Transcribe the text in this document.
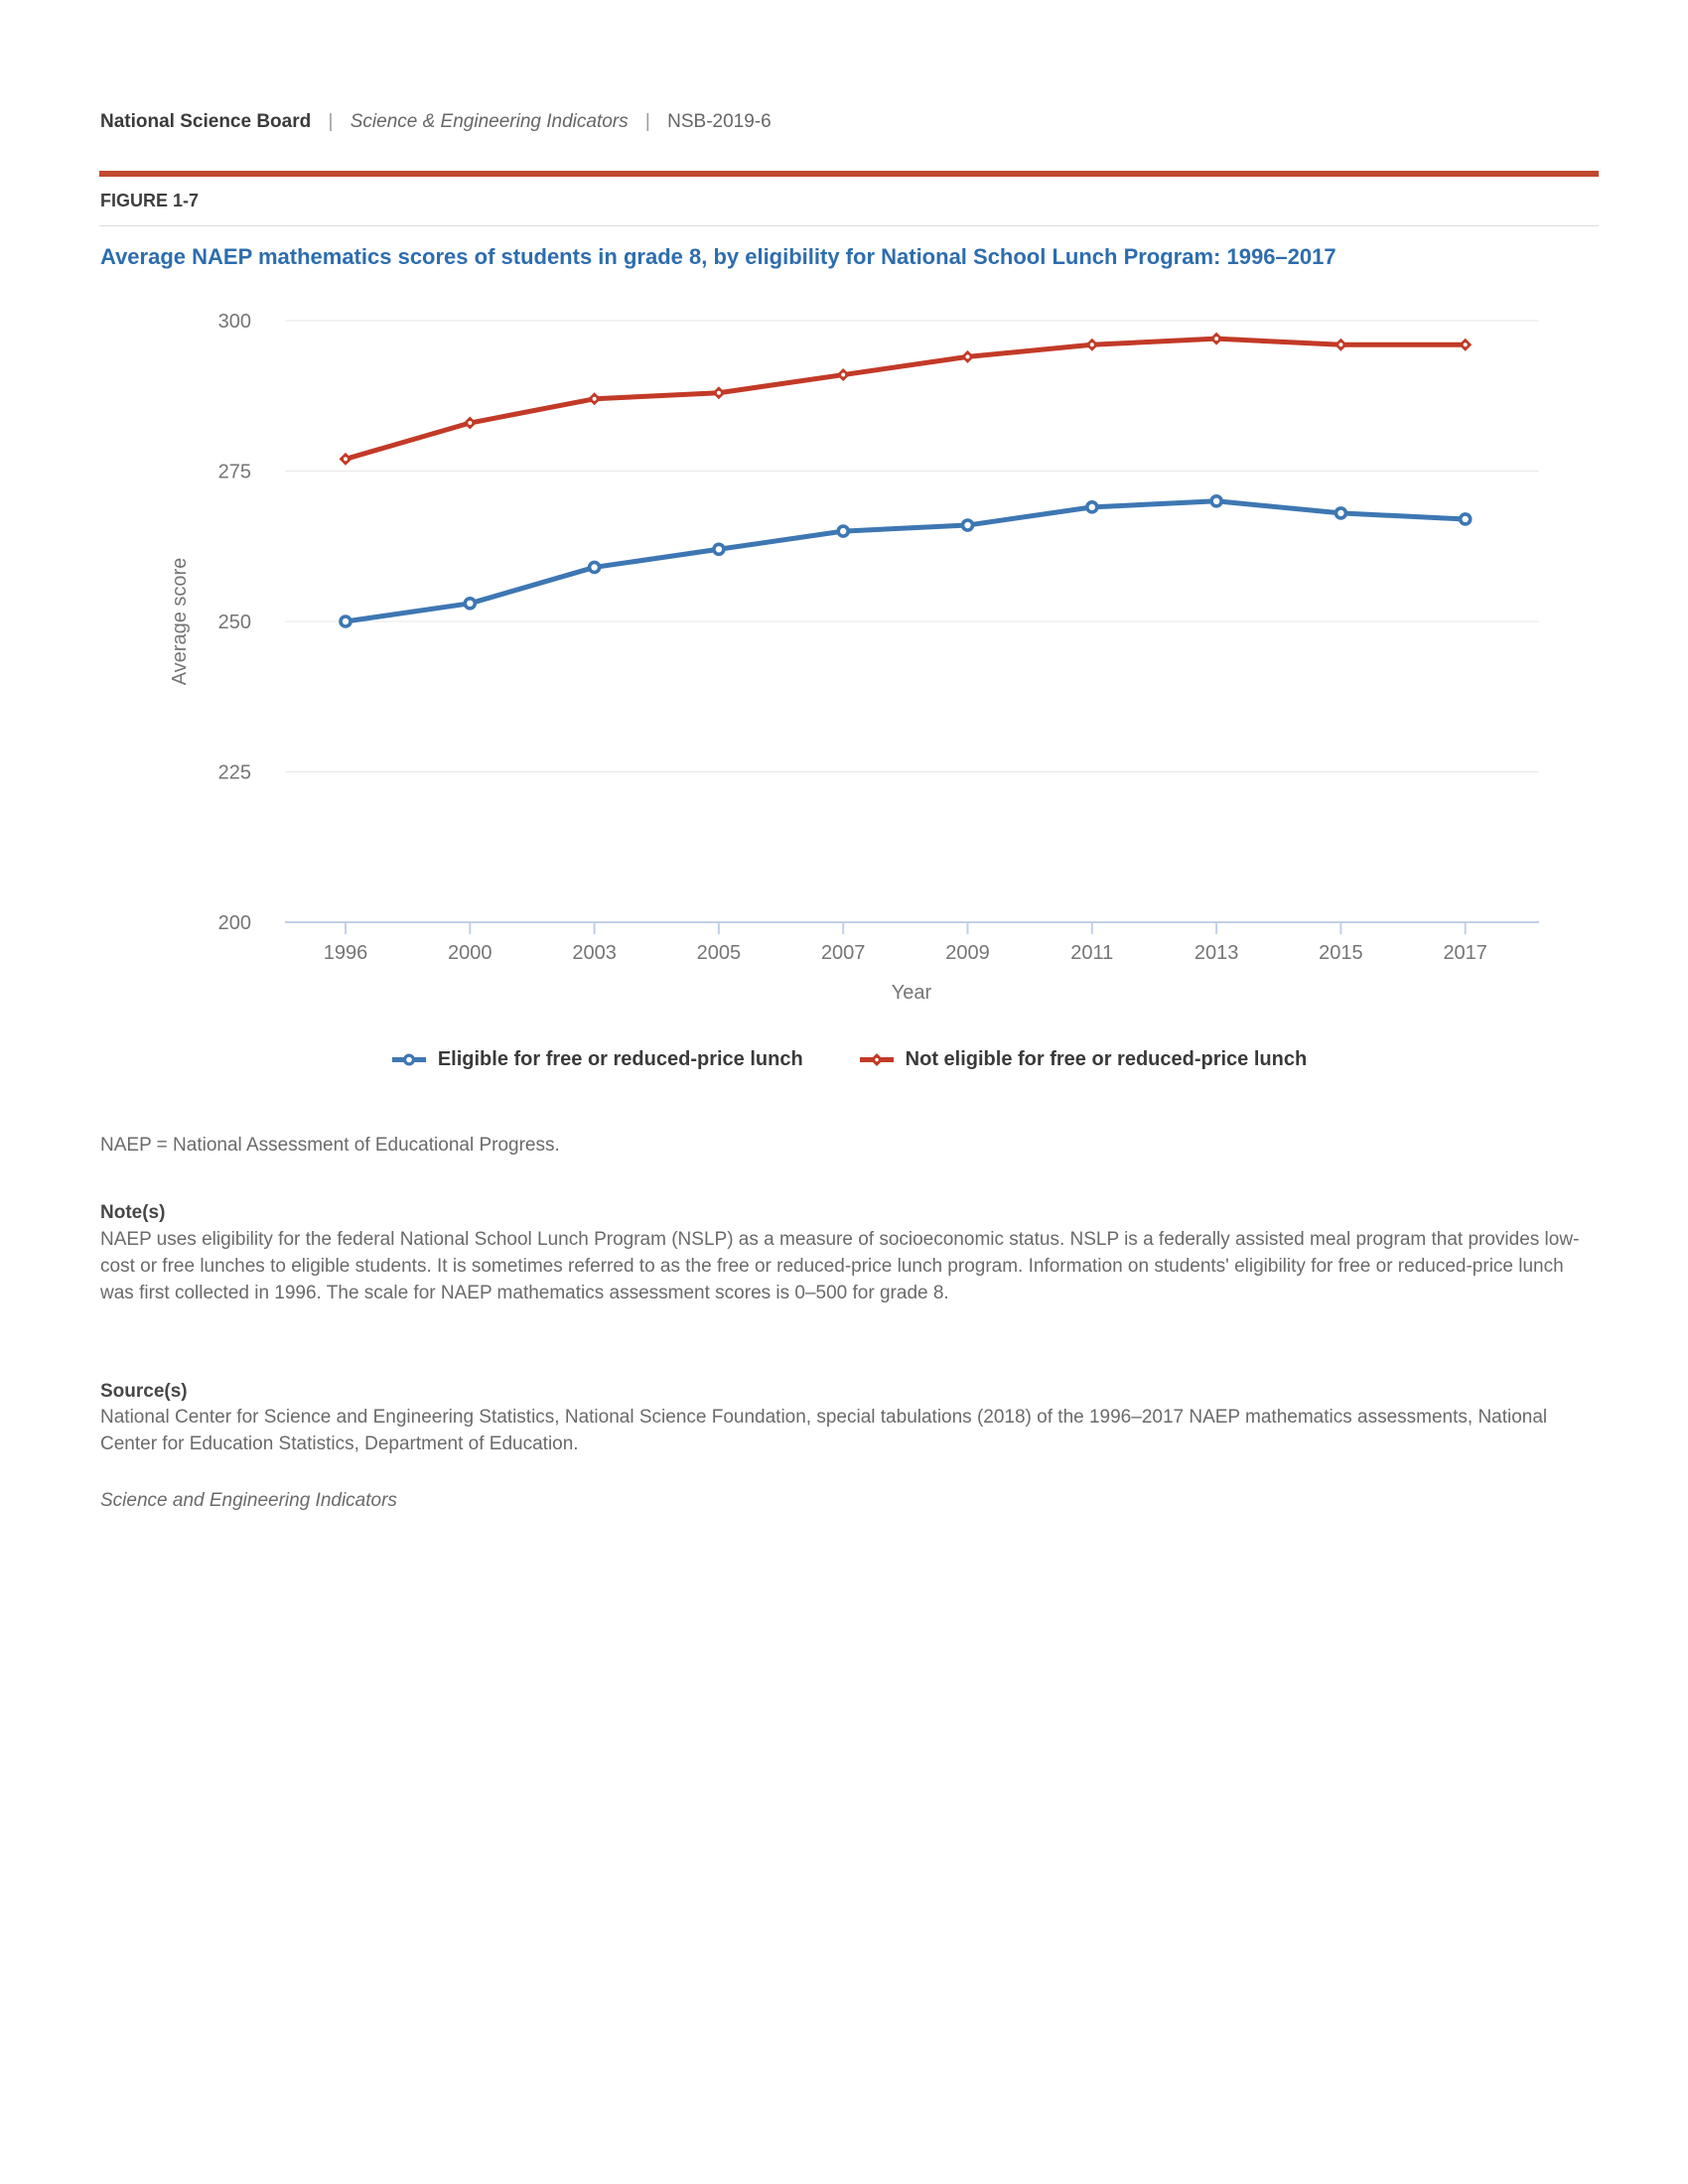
National Science Board | Science & Engineering Indicators | NSB-2019-6
FIGURE 1-7
Average NAEP mathematics scores of students in grade 8, by eligibility for National School Lunch Program: 1996–2017
300
275
250
225
200
1996	2000	2003	2005	2007	2009	2011	2013	2015	2017
Average score
Year
Eligible for free or reduced-price lunch	Not eligible for free or reduced-price lunch
NAEP = National Assessment of Educational Progress.
Note(s)
NAEP uses eligibility for the federal National School Lunch Program (NSLP) as a measure of socioeconomic status. NSLP is a federally assisted meal program that provides low-cost or free lunches to eligible students. It is sometimes referred to as the free or reduced-price lunch program. Information on students' eligibility for free or reduced-price lunch was first collected in 1996. The scale for NAEP mathematics assessment scores is 0–500 for grade 8.
Source(s)
National Center for Science and Engineering Statistics, National Science Foundation, special tabulations (2018) of the 1996–2017 NAEP mathematics assessments, National Center for Education Statistics, Department of Education.
Science and Engineering Indicators
